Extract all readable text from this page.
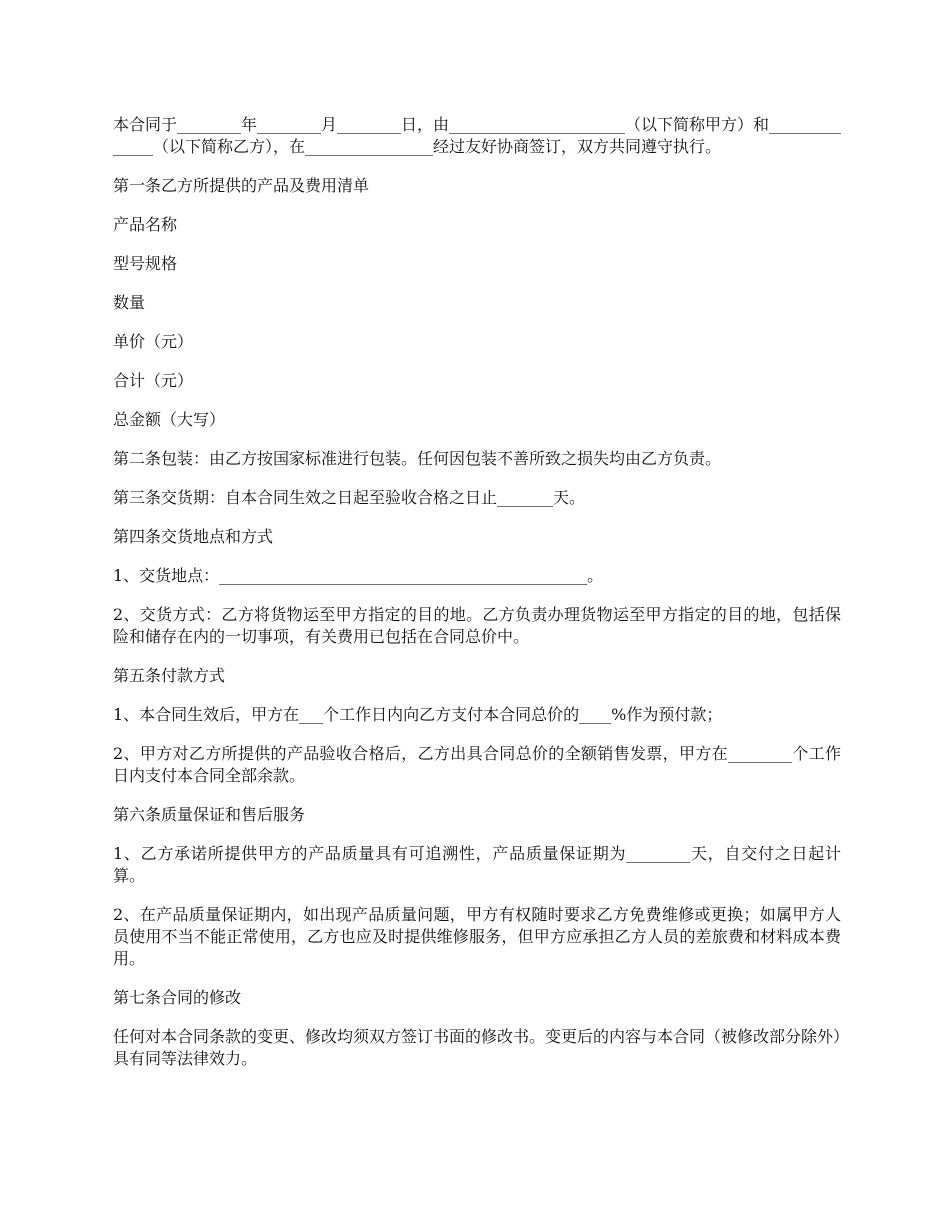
本合同于________年________月________日，由______________________（以下简称甲方）和______________（以下简称乙方），在________________经过友好协商签订，双方共同遵守执行。

第一条乙方所提供的产品及费用清单

产品名称

型号规格

数量

单价（元）

合计（元）

总金额（大写）

第二条包装：由乙方按国家标准进行包装。任何因包装不善所致之损失均由乙方负责。

第三条交货期：自本合同生效之日起至验收合格之日止_______天。

第四条交货地点和方式

1、交货地点：______________________________________________。

2、交货方式：乙方将货物运至甲方指定的目的地。乙方负责办理货物运至甲方指定的目的地，包括保险和储存在内的一切事项，有关费用已包括在合同总价中。

第五条付款方式

1、本合同生效后，甲方在___个工作日内向乙方支付本合同总价的____%作为预付款；

2、甲方对乙方所提供的产品验收合格后，乙方出具合同总价的全额销售发票，甲方在________个工作日内支付本合同全部余款。

第六条质量保证和售后服务

1、乙方承诺所提供甲方的产品质量具有可追溯性，产品质量保证期为________天，自交付之日起计算。

2、在产品质量保证期内，如出现产品质量问题，甲方有权随时要求乙方免费维修或更换；如属甲方人员使用不当不能正常使用，乙方也应及时提供维修服务，但甲方应承担乙方人员的差旅费和材料成本费用。

第七条合同的修改

任何对本合同条款的变更、修改均须双方签订书面的修改书。变更后的内容与本合同（被修改部分除外）具有同等法律效力。
